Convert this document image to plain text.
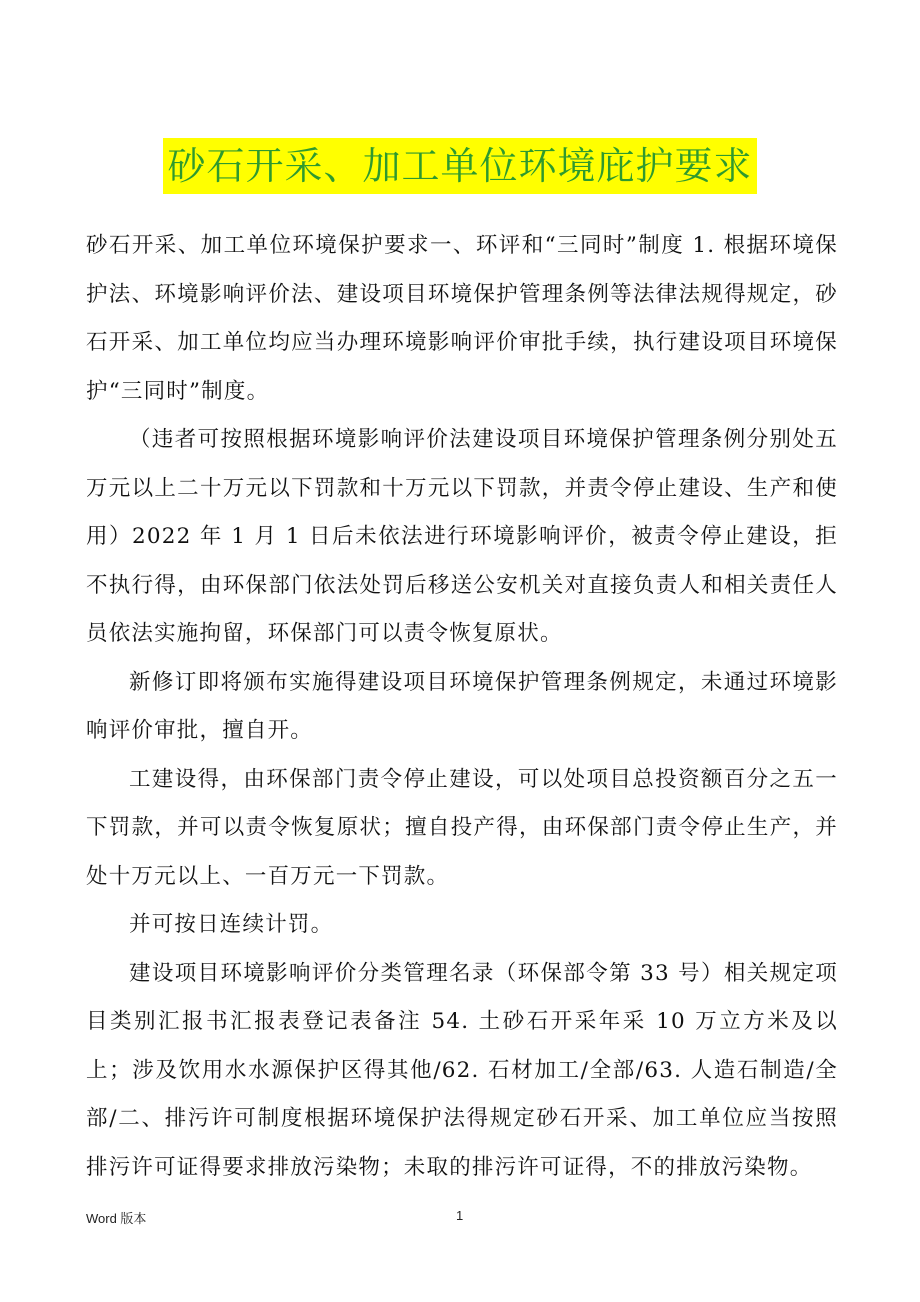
砂石开采、加工单位环境庇护要求

砂石开采、加工单位环境保护要求一、环评和“三同时”制度 1. 根据环境保护法、环境影响评价法、建设项目环境保护管理条例等法律法规得规定，砂石开采、加工单位均应当办理环境影响评价审批手续，执行建设项目环境保护“三同时”制度。

（违者可按照根据环境影响评价法建设项目环境保护管理条例分别处五万元以上二十万元以下罚款和十万元以下罚款，并责令停止建设、生产和使用）2022 年 1 月 1 日后未依法进行环境影响评价，被责令停止建设，拒不执行得，由环保部门依法处罚后移送公安机关对直接负责人和相关责任人员依法实施拘留，环保部门可以责令恢复原状。

新修订即将颁布实施得建设项目环境保护管理条例规定，未通过环境影响评价审批，擅自开。

工建设得，由环保部门责令停止建设，可以处项目总投资额百分之五一下罚款，并可以责令恢复原状；擅自投产得，由环保部门责令停止生产，并处十万元以上、一百万元一下罚款。

并可按日连续计罚。

建设项目环境影响评价分类管理名录（环保部令第 33 号）相关规定项目类别汇报书汇报表登记表备注 54. 土砂石开采年采 10 万立方米及以上；涉及饮用水水源保护区得其他/62. 石材加工/全部/63. 人造石制造/全部/二、排污许可制度根据环境保护法得规定砂石开采、加工单位应当按照排污许可证得要求排放污染物；未取的排污许可证得，不的排放污染物。

Word 版本	1
